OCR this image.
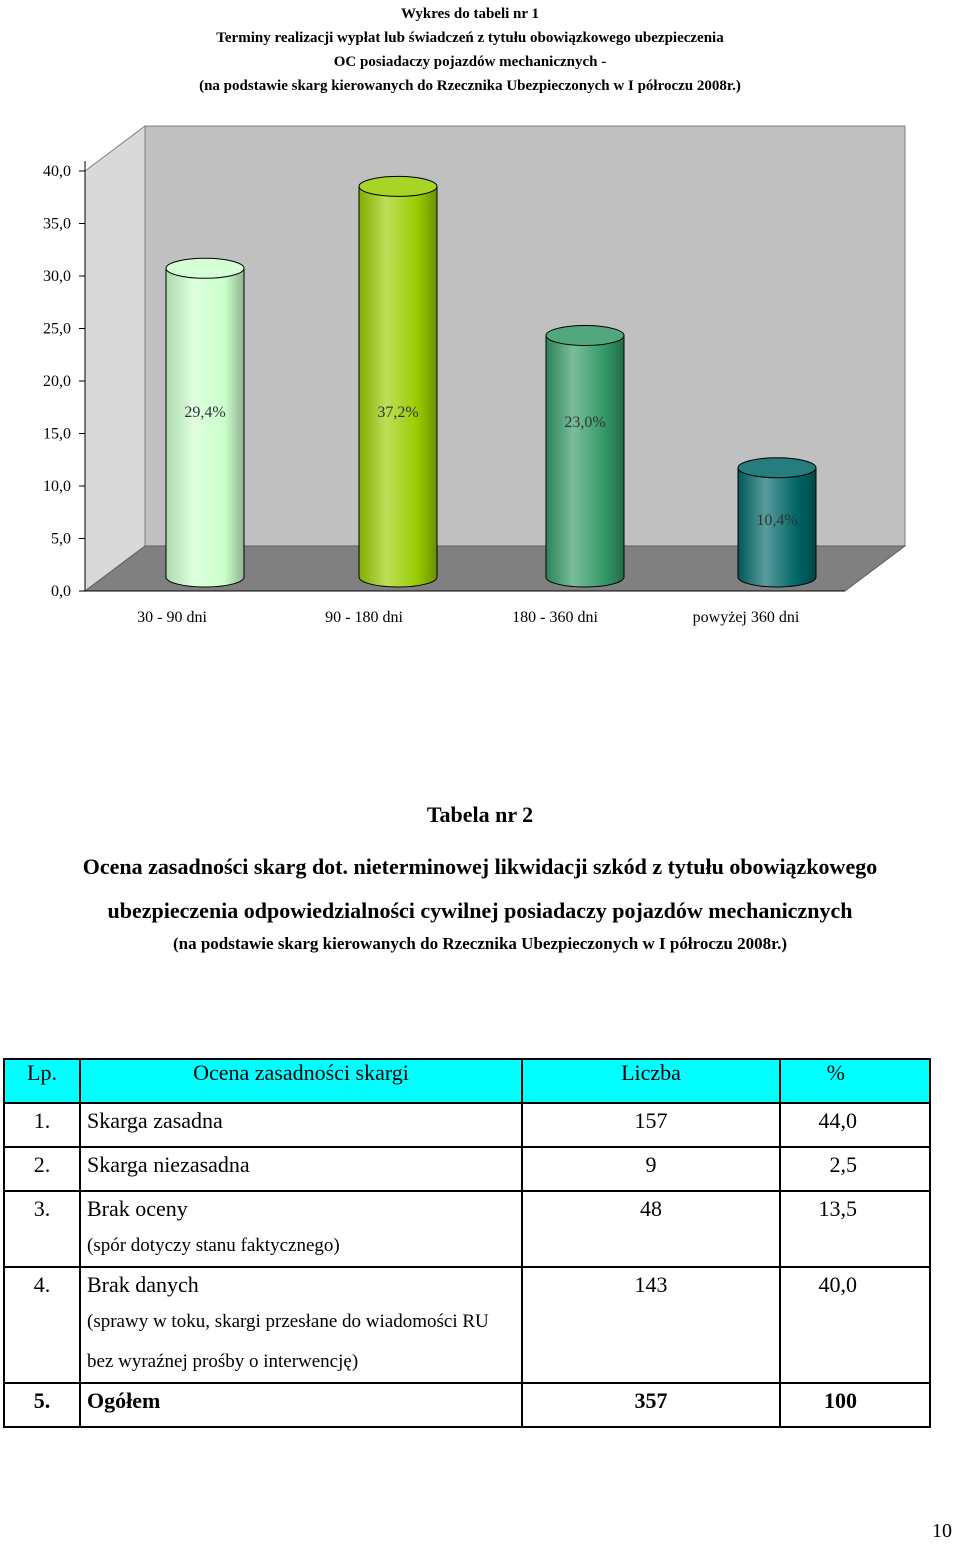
Wykres do tabeli nr 1
Terminy realizacji wypłat lub świadczeń z tytułu obowiązkowego ubezpieczenia
OC posiadaczy pojazdów mechanicznych -
(na podstawie skarg kierowanych do Rzecznika Ubezpieczonych w I półroczu 2008r.)
0,0
5,0
10,0
15,0
20,0
25,0
30,0
35,0
40,0
29,4%
30 - 90 dni
37,2%
90 - 180 dni
23,0%
180 - 360 dni
10,4%
powyżej 360 dni
Tabela nr 2
Ocena zasadności skarg dot. nieterminowej likwidacji szkód z tytułu obowiązkowego ubezpieczenia odpowiedzialności cywilnej posiadaczy pojazdów mechanicznych
(na podstawie skarg kierowanych do Rzecznika Ubezpieczonych w I półroczu 2008r.)
Lp.	Ocena zasadności skargi	Liczba	%
1.	Skarga zasadna	157	44,0
2.	Skarga niezasadna	9	2,5
3.	Brak oceny
(spór dotyczy stanu faktycznego)	48	13,5
4.	Brak danych
(sprawy w toku, skargi przesłane do wiadomości RU bez wyraźnej prośby o interwencję)	143	40,0
5.	Ogółem	357	100
10
